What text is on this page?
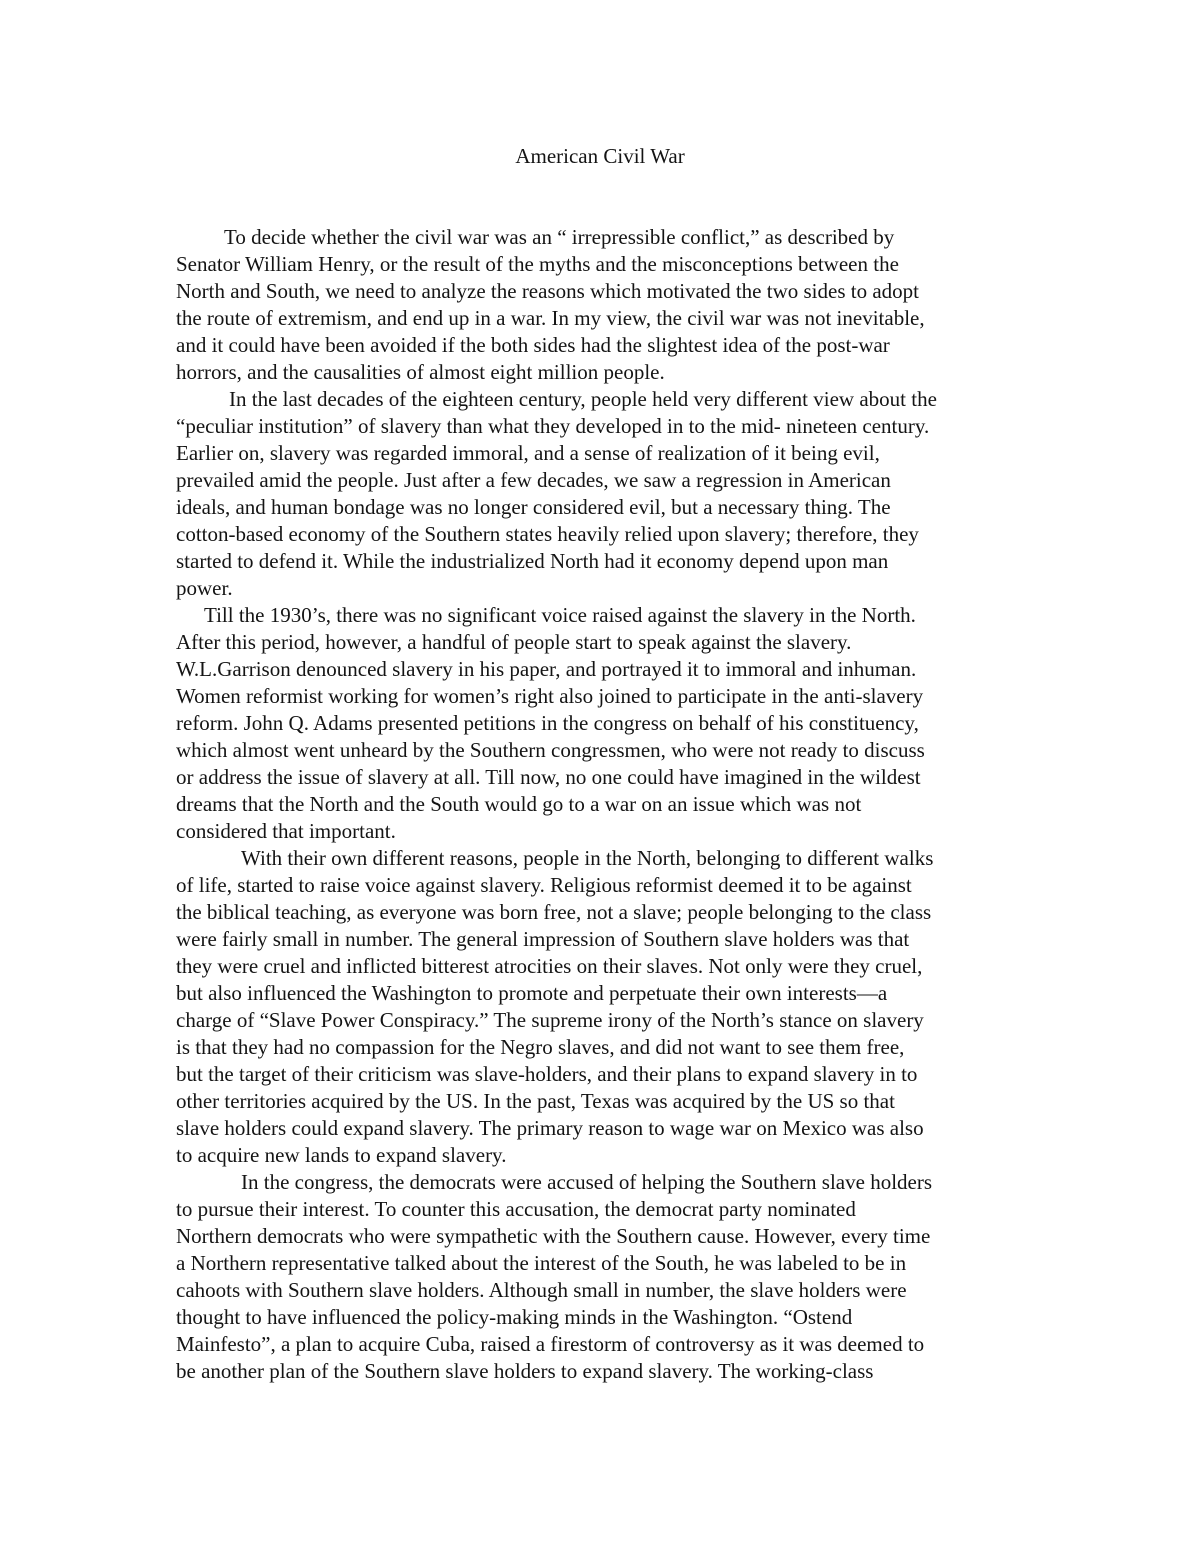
American Civil War
To decide whether the civil war was an “ irrepressible conflict,” as described by
Senator William Henry, or the result of the myths and the misconceptions between the
North and South, we need to analyze the reasons which motivated the two sides to adopt
the route of extremism, and end up in a war. In my view, the civil war was not inevitable,
and it could have been avoided if the both sides had the slightest idea of the post-war
horrors, and the causalities of almost eight million people.
In the last decades of the eighteen century, people held very different view about the
“peculiar institution” of slavery than what they developed in to the mid- nineteen century.
Earlier on, slavery was regarded immoral, and a sense of realization of it being evil,
prevailed amid the people. Just after a few decades, we saw a regression in American
ideals, and human bondage was no longer considered evil, but a necessary thing. The
cotton-based economy of the Southern states heavily relied upon slavery; therefore, they
started to defend it. While the industrialized North had it economy depend upon man
power.
Till the 1930’s, there was no significant voice raised against the slavery in the North.
After this period, however, a handful of people start to speak against the slavery.
W.L.Garrison denounced slavery in his paper, and portrayed it to immoral and inhuman.
Women reformist working for women’s right also joined to participate in the anti-slavery
reform. John Q. Adams presented petitions in the congress on behalf of his constituency,
which almost went unheard by the Southern congressmen, who were not ready to discuss
or address the issue of slavery at all. Till now, no one could have imagined in the wildest
dreams that the North and the South would go to a war on an issue which was not
considered that important.
With their own different reasons, people in the North, belonging to different walks
of life, started to raise voice against slavery. Religious reformist deemed it to be against
the biblical teaching, as everyone was born free, not a slave; people belonging to the class
were fairly small in number. The general impression of Southern slave holders was that
they were cruel and inflicted bitterest atrocities on their slaves. Not only were they cruel,
but also influenced the Washington to promote and perpetuate their own interests—a
charge of “Slave Power Conspiracy.” The supreme irony of the North’s stance on slavery
is that they had no compassion for the Negro slaves, and did not want to see them free,
but the target of their criticism was slave-holders, and their plans to expand slavery in to
other territories acquired by the US. In the past, Texas was acquired by the US so that
slave holders could expand slavery. The primary reason to wage war on Mexico was also
to acquire new lands to expand slavery.
In the congress, the democrats were accused of helping the Southern slave holders
to pursue their interest. To counter this accusation, the democrat party nominated
Northern democrats who were sympathetic with the Southern cause. However, every time
a Northern representative talked about the interest of the South, he was labeled to be in
cahoots with Southern slave holders. Although small in number, the slave holders were
thought to have influenced the policy-making minds in the Washington. “Ostend
Mainfesto”, a plan to acquire Cuba, raised a firestorm of controversy as it was deemed to
be another plan of the Southern slave holders to expand slavery. The working-class
